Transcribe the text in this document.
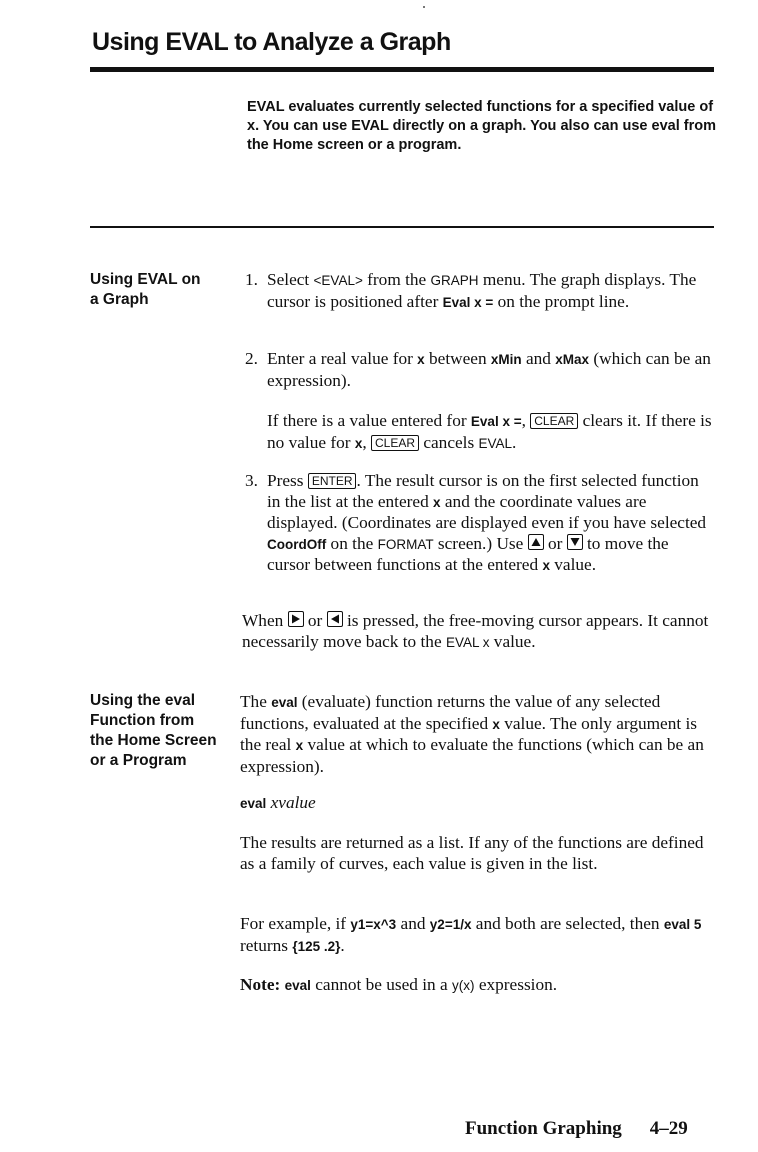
Using EVAL to Analyze a Graph
EVAL evaluates currently selected functions for a specified value of x. You can use EVAL directly on a graph. You also can use eval from the Home screen or a program.
Using EVAL on
a Graph
1. Select <EVAL> from the GRAPH menu. The graph displays. The cursor is positioned after Eval x = on the prompt line.

2. Enter a real value for x between xMin and xMax (which can be an expression).

If there is a value entered for Eval x =, CLEAR clears it. If there is no value for x, CLEAR cancels EVAL.

3. Press ENTER . The result cursor is on the first selected function in the list at the entered x and the coordinate values are displayed. (Coordinates are displayed even if you have selected CoordOff on the FORMAT screen.) Use
or
to move the cursor between functions at the entered x value.

When
or
is pressed, the free-moving cursor appears. It cannot necessarily move back to the EVAL x value.

Using the eval
Function from
the Home Screen
or a Program

The eval (evaluate) function returns the value of any selected functions, evaluated at the specified x value. The only argument is the real x value at which to evaluate the functions (which can be an expression).

eval xvalue

The results are returned as a list. If any of the functions are defined as a family of curves, each value is given in the list.

For example, if y1=x^3 and y2=1/x and both are selected, then eval 5 returns {125 .2}.

Note: eval cannot be used in a y(x) expression.

Function Graphing 4–29
